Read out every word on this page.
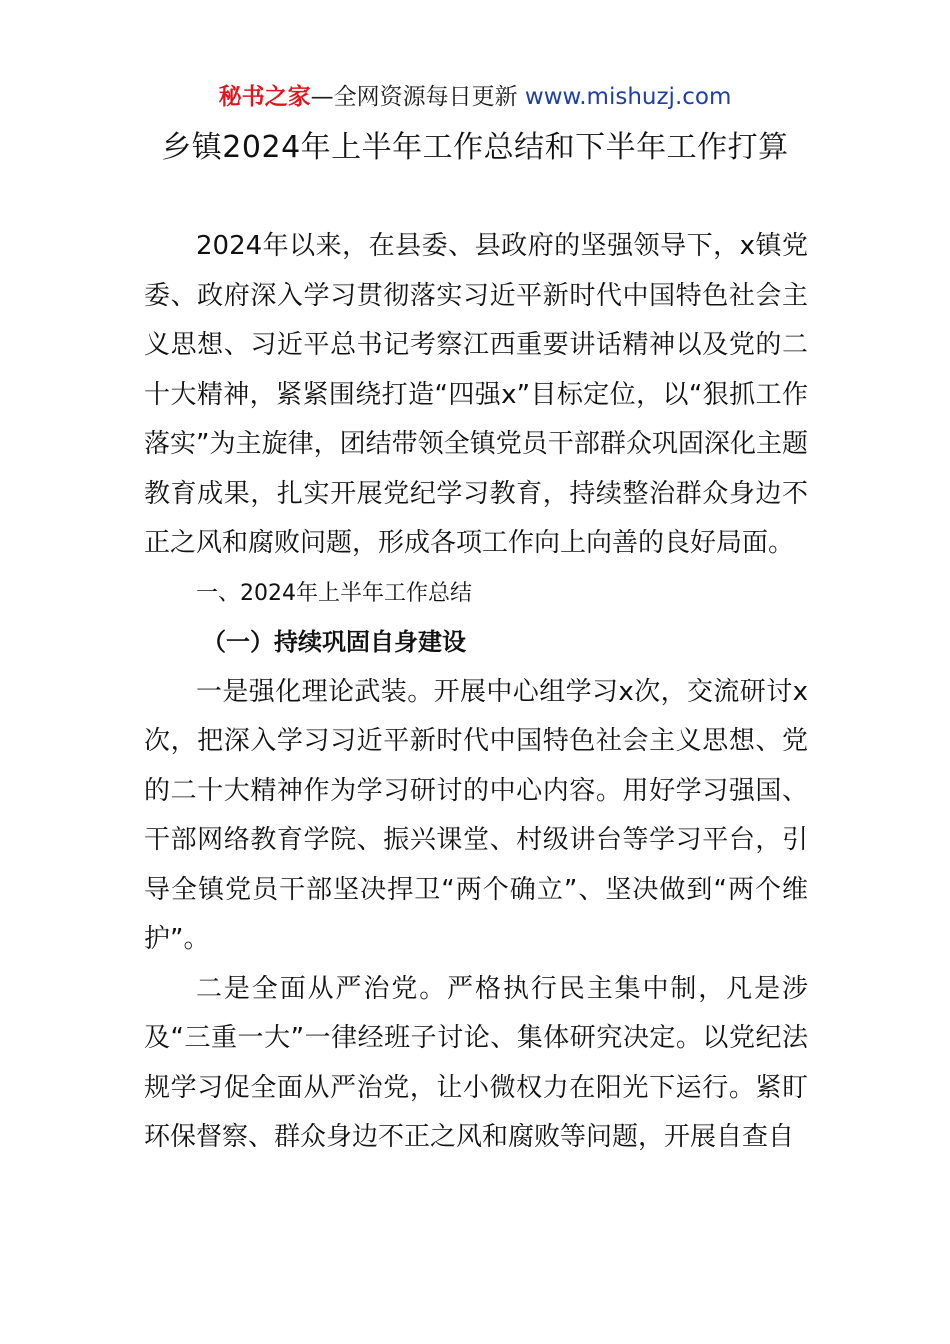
秘书之家—全网资源每日更新 www.mishuzj.com
乡镇2024年上半年工作总结和下半年工作打算

2024年以来，在县委、县政府的坚强领导下，x镇党委、政府深入学习贯彻落实习近平新时代中国特色社会主义思想、习近平总书记考察江西重要讲话精神以及党的二十大精神，紧紧围绕打造“四强x”目标定位，以“狠抓工作落实”为主旋律，团结带领全镇党员干部群众巩固深化主题教育成果，扎实开展党纪学习教育，持续整治群众身边不正之风和腐败问题，形成各项工作向上向善的良好局面。

一、2024年上半年工作总结

（一）持续巩固自身建设

一是强化理论武装。开展中心组学习x次，交流研讨x次，把深入学习习近平新时代中国特色社会主义思想、党的二十大精神作为学习研讨的中心内容。用好学习强国、干部网络教育学院、振兴课堂、村级讲台等学习平台，引导全镇党员干部坚决捍卫“两个确立”、坚决做到“两个维护”。

二是全面从严治党。严格执行民主集中制，凡是涉及“三重一大”一律经班子讨论、集体研究决定。以党纪法规学习促全面从严治党，让小微权力在阳光下运行。紧盯环保督察、群众身边不正之风和腐败等问题，开展自查自
